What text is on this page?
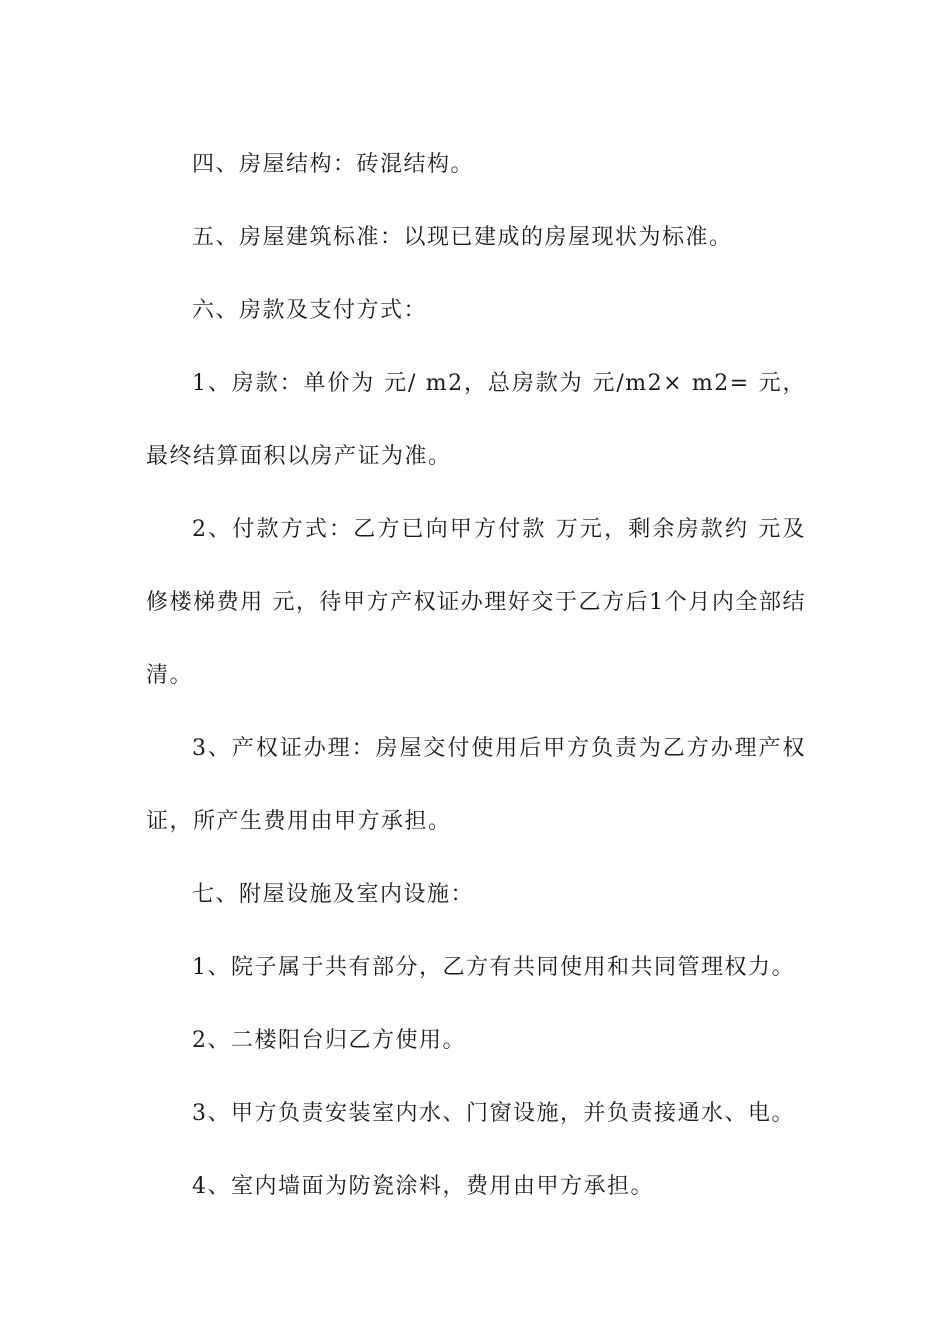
四、房屋结构：砖混结构。

五、房屋建筑标准：以现已建成的房屋现状为标准。

六、房款及支付方式：

1、房款：单价为 元/ m2，总房款为 元/m2× m2= 元，最终结算面积以房产证为准。

2、付款方式：乙方已向甲方付款 万元，剩余房款约 元及修楼梯费用 元，待甲方产权证办理好交于乙方后1个月内全部结清。

3、产权证办理：房屋交付使用后甲方负责为乙方办理产权证，所产生费用由甲方承担。

七、附屋设施及室内设施：

1、院子属于共有部分，乙方有共同使用和共同管理权力。

2、二楼阳台归乙方使用。

3、甲方负责安装室内水、门窗设施，并负责接通水、电。

4、室内墙面为防瓷涂料，费用由甲方承担。
